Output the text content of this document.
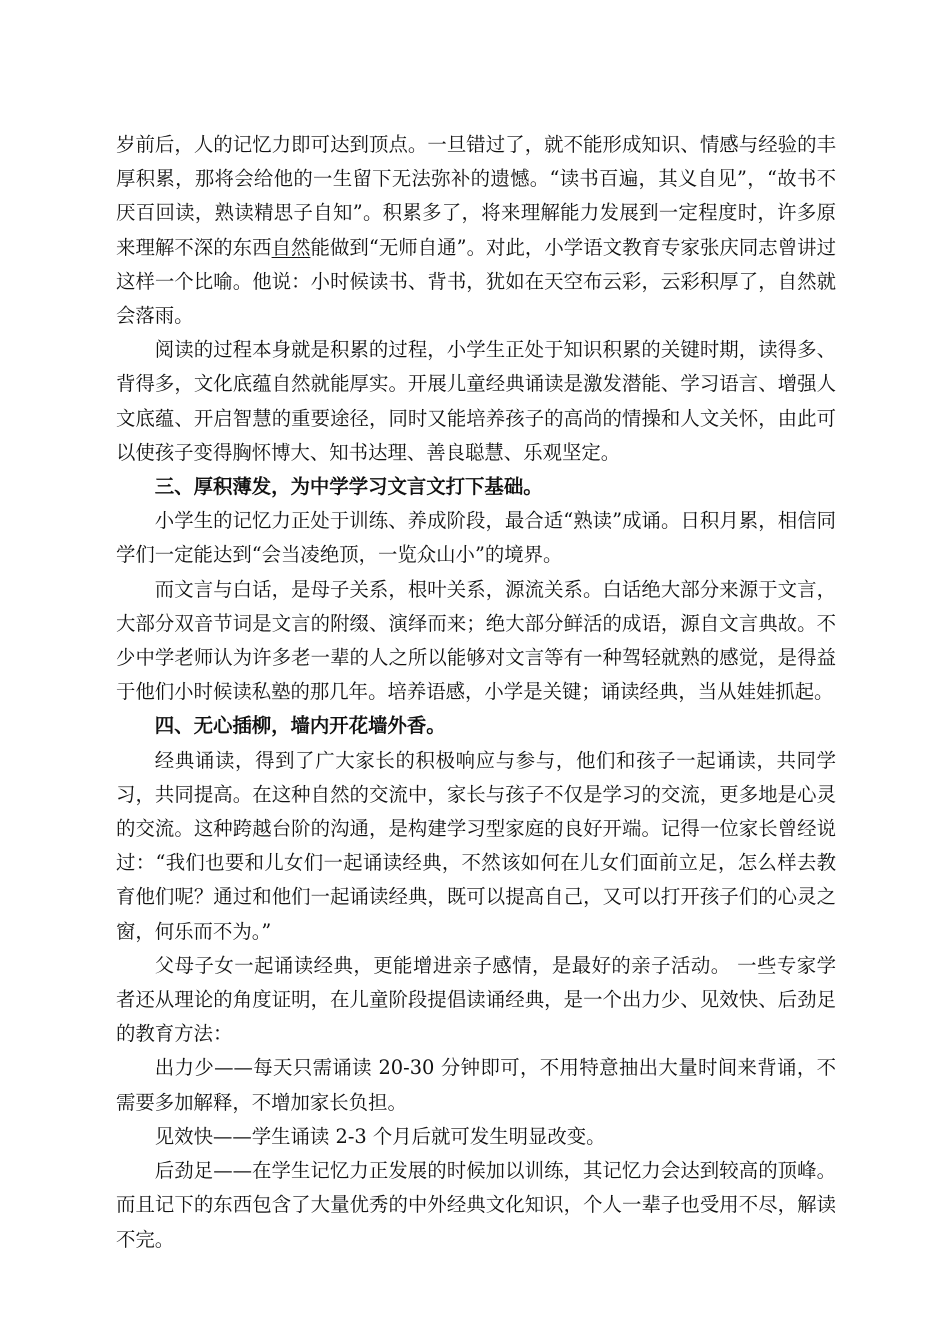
岁前后，人的记忆力即可达到顶点。一旦错过了，就不能形成知识、情感与经验的丰厚积累，那将会给他的一生留下无法弥补的遗憾。“读书百遍，其义自见”，“故书不厌百回读，熟读精思子自知”。积累多了，将来理解能力发展到一定程度时，许多原来理解不深的东西自然能做到“无师自通”。对此，小学语文教育专家张庆同志曾讲过这样一个比喻。他说：小时候读书、背书，犹如在天空布云彩，云彩积厚了，自然就会落雨。

阅读的过程本身就是积累的过程，小学生正处于知识积累的关键时期，读得多、背得多，文化底蕴自然就能厚实。开展儿童经典诵读是激发潜能、学习语言、增强人文底蕴、开启智慧的重要途径，同时又能培养孩子的高尚的情操和人文关怀，由此可以使孩子变得胸怀博大、知书达理、善良聪慧、乐观坚定。

三、厚积薄发，为中学学习文言文打下基础。

小学生的记忆力正处于训练、养成阶段，最合适“熟读”成诵。日积月累，相信同学们一定能达到“会当凌绝顶，一览众山小”的境界。

而文言与白话，是母子关系，根叶关系，源流关系。白话绝大部分来源于文言，大部分双音节词是文言的附缀、演绎而来；绝大部分鲜活的成语，源自文言典故。不少中学老师认为许多老一辈的人之所以能够对文言等有一种驾轻就熟的感觉，是得益于他们小时候读私塾的那几年。培养语感，小学是关键；诵读经典，当从娃娃抓起。

四、无心插柳，墙内开花墙外香。

经典诵读，得到了广大家长的积极响应与参与，他们和孩子一起诵读，共同学习，共同提高。在这种自然的交流中，家长与孩子不仅是学习的交流，更多地是心灵的交流。这种跨越台阶的沟通，是构建学习型家庭的良好开端。记得一位家长曾经说过：“我们也要和儿女们一起诵读经典，不然该如何在儿女们面前立足，怎么样去教育他们呢？通过和他们一起诵读经典，既可以提高自己，又可以打开孩子们的心灵之窗，何乐而不为。”

父母子女一起诵读经典，更能增进亲子感情，是最好的亲子活动。 一些专家学者还从理论的角度证明，在儿童阶段提倡读诵经典，是一个出力少、见效快、后劲足的教育方法：

出力少——每天只需诵读 20-30 分钟即可，不用特意抽出大量时间来背诵，不需要多加解释，不增加家长负担。

见效快——学生诵读 2-3 个月后就可发生明显改变。

后劲足——在学生记忆力正发展的时候加以训练，其记忆力会达到较高的顶峰。而且记下的东西包含了大量优秀的中外经典文化知识，个人一辈子也受用不尽，解读不完。
